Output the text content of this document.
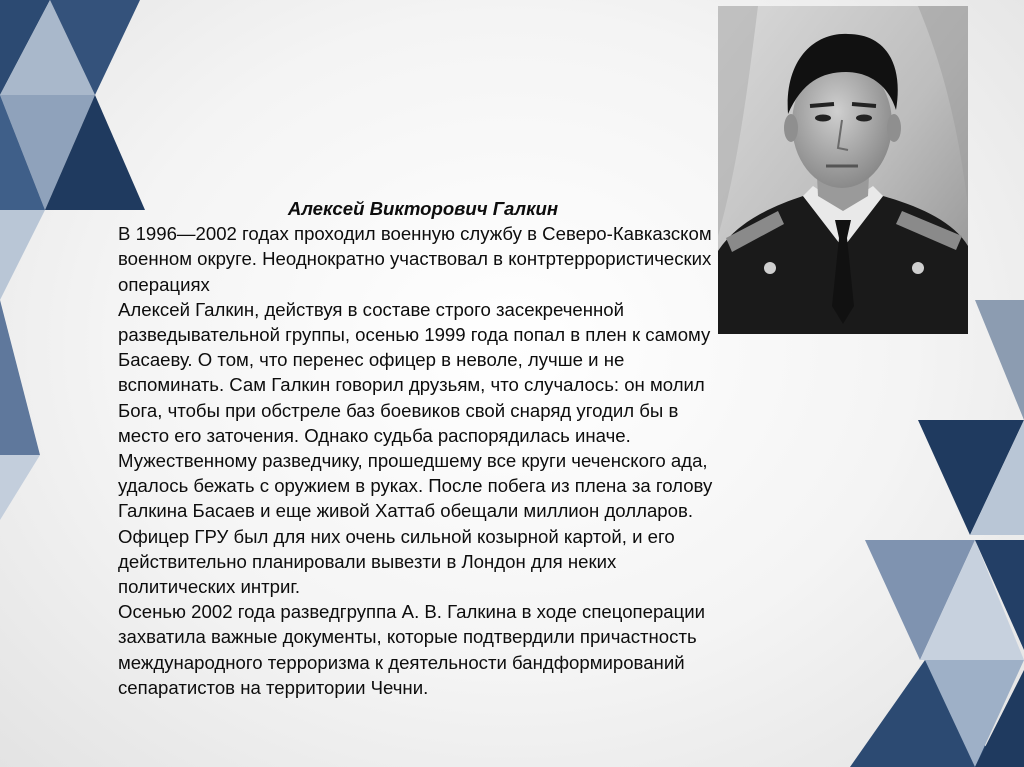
Алексей Викторович Галкин

В 1996—2002 годах проходил военную службу в Северо-Кавказском военном округе. Неоднократно участвовал в контртеррористических операциях

Алексей Галкин, действуя в составе строго засекреченной разведывательной группы, осенью 1999 года попал в плен к самому Басаеву. О том, что перенес офицер в неволе, лучше и не вспоминать. Сам Галкин говорил друзьям, что случалось: он молил Бога, чтобы при обстреле баз боевиков свой снаряд угодил бы в место его заточения. Однако судьба распорядилась иначе. Мужественному разведчику, прошедшему все круги чеченского ада, удалось бежать с оружием в руках. После побега из плена за голову Галкина Басаев и еще живой Хаттаб обещали миллион долларов. Офицер ГРУ был для них очень сильной козырной картой, и его действительно планировали вывезти в Лондон для неких политических интриг.

Осенью 2002 года разведгруппа А. В. Галкина в ходе спецоперации захватила важные документы, которые подтвердили причастность международного терроризма к деятельности бандформирований сепаратистов на территории Чечни.
